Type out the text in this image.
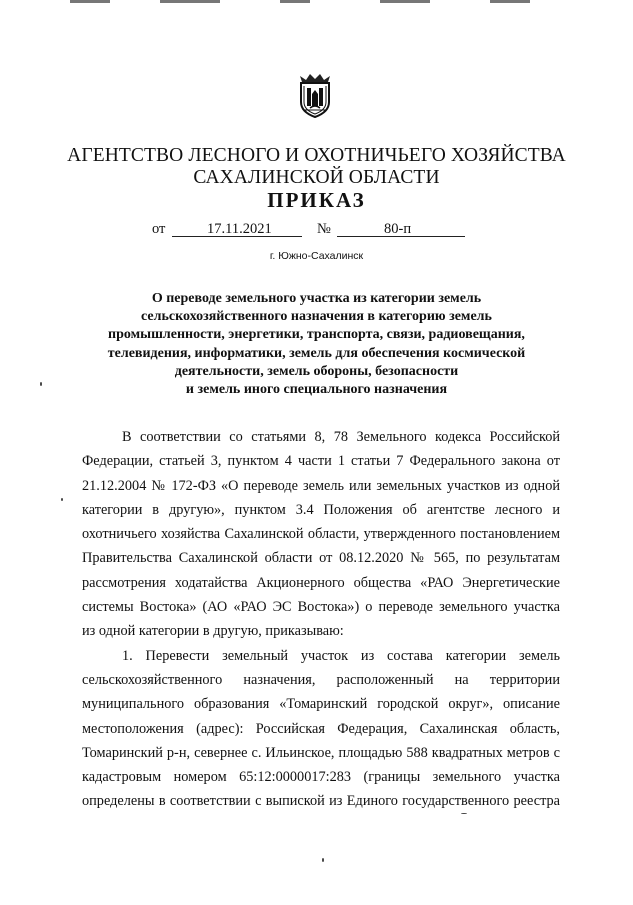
АГЕНТСТВО ЛЕСНОГО И ОХОТНИЧЬЕГО ХОЗЯЙСТВА
САХАЛИНСКОЙ ОБЛАСТИ
ПРИКАЗ
от	17.11.2021	№	80-п
г. Южно-Сахалинск
О переводе земельного участка из категории земель
сельскохозяйственного назначения в категорию земель
промышленности, энергетики, транспорта, связи, радиовещания,
телевидения, информатики, земель для обеспечения космической
деятельности, земель обороны, безопасности
и земель иного специального назначения
В соответствии со статьями 8, 78 Земельного кодекса Российской
Федерации, статьей 3, пунктом 4 части 1 статьи 7 Федерального закона от
21.12.2004 № 172-ФЗ «О переводе земель или земельных участков из одной
категории в другую», пунктом 3.4 Положения об агентстве лесного и
охотничьего хозяйства Сахалинской области, утвержденного постановлением
Правительства Сахалинской области от 08.12.2020 № 565, по результатам
рассмотрения ходатайства Акционерного общества «РАО Энергетические
системы Востока» (АО «РАО ЭС Востока») о переводе земельного участка
из одной категории в другую, приказываю:
1. Перевести земельный участок из состава категории земель
сельскохозяйственного назначения, расположенный на территории
муниципального образования «Томаринский городской округ», описание
местоположения (адрес): Российская Федерация, Сахалинская область,
Томаринский р-н, севернее с. Ильинское, площадью 588 квадратных метров с
кадастровым номером 65:12:0000017:283 (границы земельного участка
определены в соответствии с выпиской из Единого государственного реестра
